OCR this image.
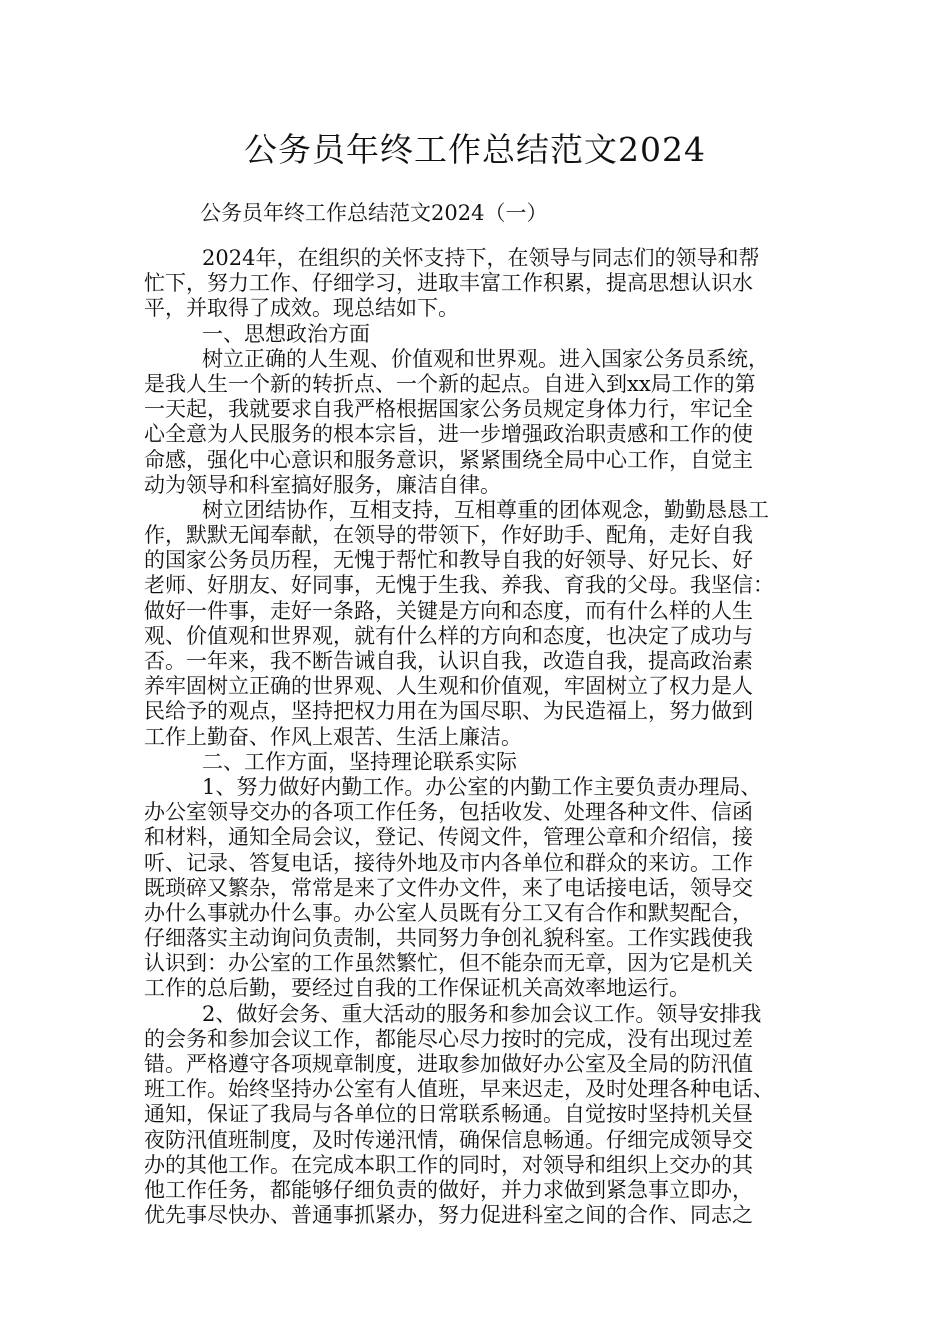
公务员年终工作总结范文2024
公务员年终工作总结范文2024（一）
2024年，在组织的关怀支持下，在领导与同志们的领导和帮
忙下，努力工作、仔细学习，进取丰富工作积累，提高思想认识水
平，并取得了成效。现总结如下。
一、思想政治方面
树立正确的人生观、价值观和世界观。进入国家公务员系统，
是我人生一个新的转折点、一个新的起点。自进入到xx局工作的第
一天起，我就要求自我严格根据国家公务员规定身体力行，牢记全
心全意为人民服务的根本宗旨，进一步增强政治职责感和工作的使
命感，强化中心意识和服务意识，紧紧围绕全局中心工作，自觉主
动为领导和科室搞好服务，廉洁自律。
树立团结协作，互相支持，互相尊重的团体观念，勤勤恳恳工
作，默默无闻奉献，在领导的带领下，作好助手、配角，走好自我
的国家公务员历程，无愧于帮忙和教导自我的好领导、好兄长、好
老师、好朋友、好同事，无愧于生我、养我、育我的父母。我坚信：
做好一件事，走好一条路，关键是方向和态度，而有什么样的人生
观、价值观和世界观，就有什么样的方向和态度，也决定了成功与
否。一年来，我不断告诫自我，认识自我，改造自我，提高政治素
养牢固树立正确的世界观、人生观和价值观，牢固树立了权力是人
民给予的观点，坚持把权力用在为国尽职、为民造福上，努力做到
工作上勤奋、作风上艰苦、生活上廉洁。
二、工作方面，坚持理论联系实际
1、努力做好内勤工作。办公室的内勤工作主要负责办理局、
办公室领导交办的各项工作任务，包括收发、处理各种文件、信函
和材料，通知全局会议，登记、传阅文件，管理公章和介绍信，接
听、记录、答复电话，接待外地及市内各单位和群众的来访。工作
既琐碎又繁杂，常常是来了文件办文件，来了电话接电话，领导交
办什么事就办什么事。办公室人员既有分工又有合作和默契配合，
仔细落实主动询问负责制，共同努力争创礼貌科室。工作实践使我
认识到：办公室的工作虽然繁忙，但不能杂而无章，因为它是机关
工作的总后勤，要经过自我的工作保证机关高效率地运行。
2、做好会务、重大活动的服务和参加会议工作。领导安排我
的会务和参加会议工作，都能尽心尽力按时的完成，没有出现过差
错。严格遵守各项规章制度，进取参加做好办公室及全局的防汛值
班工作。始终坚持办公室有人值班，早来迟走，及时处理各种电话、
通知，保证了我局与各单位的日常联系畅通。自觉按时坚持机关昼
夜防汛值班制度，及时传递汛情，确保信息畅通。仔细完成领导交
办的其他工作。在完成本职工作的同时，对领导和组织上交办的其
他工作任务，都能够仔细负责的做好，并力求做到紧急事立即办，
优先事尽快办、普通事抓紧办，努力促进科室之间的合作、同志之
